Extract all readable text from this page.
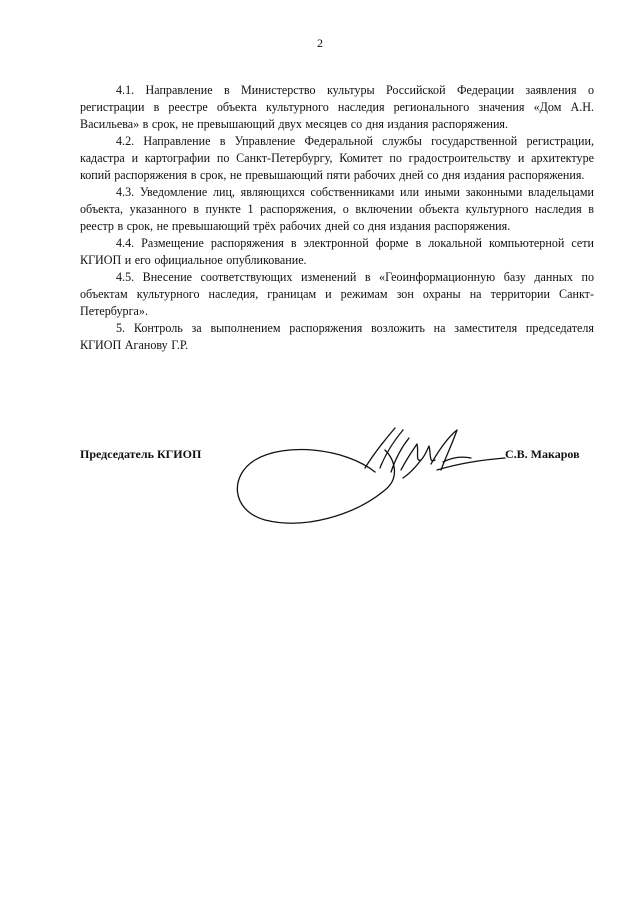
2

4.1. Направление в Министерство культуры Российской Федерации заявления о регистрации в реестре объекта культурного наследия регионального значения «Дом А.Н. Васильева» в срок, не превышающий двух месяцев со дня издания распоряжения.

4.2. Направление в Управление Федеральной службы государственной регистрации, кадастра и картографии по Санкт-Петербургу, Комитет по градостроительству и архитектуре копий распоряжения в срок, не превышающий пяти рабочих дней со дня издания распоряжения.

4.3. Уведомление лиц, являющихся собственниками или иными законными владельцами объекта, указанного в пункте 1 распоряжения, о включении объекта культурного наследия в реестр в срок, не превышающий трёх рабочих дней со дня издания распоряжения.

4.4. Размещение распоряжения в электронной форме в локальной компьютерной сети КГИОП и его официальное опубликование.

4.5. Внесение соответствующих изменений в «Геоинформационную базу данных по объектам культурного наследия, границам и режимам зон охраны на территории Санкт-Петербурга».

5. Контроль за выполнением распоряжения возложить на заместителя председателя КГИОП Аганову Г.Р.

Председатель КГИОП	С.В. Макаров
